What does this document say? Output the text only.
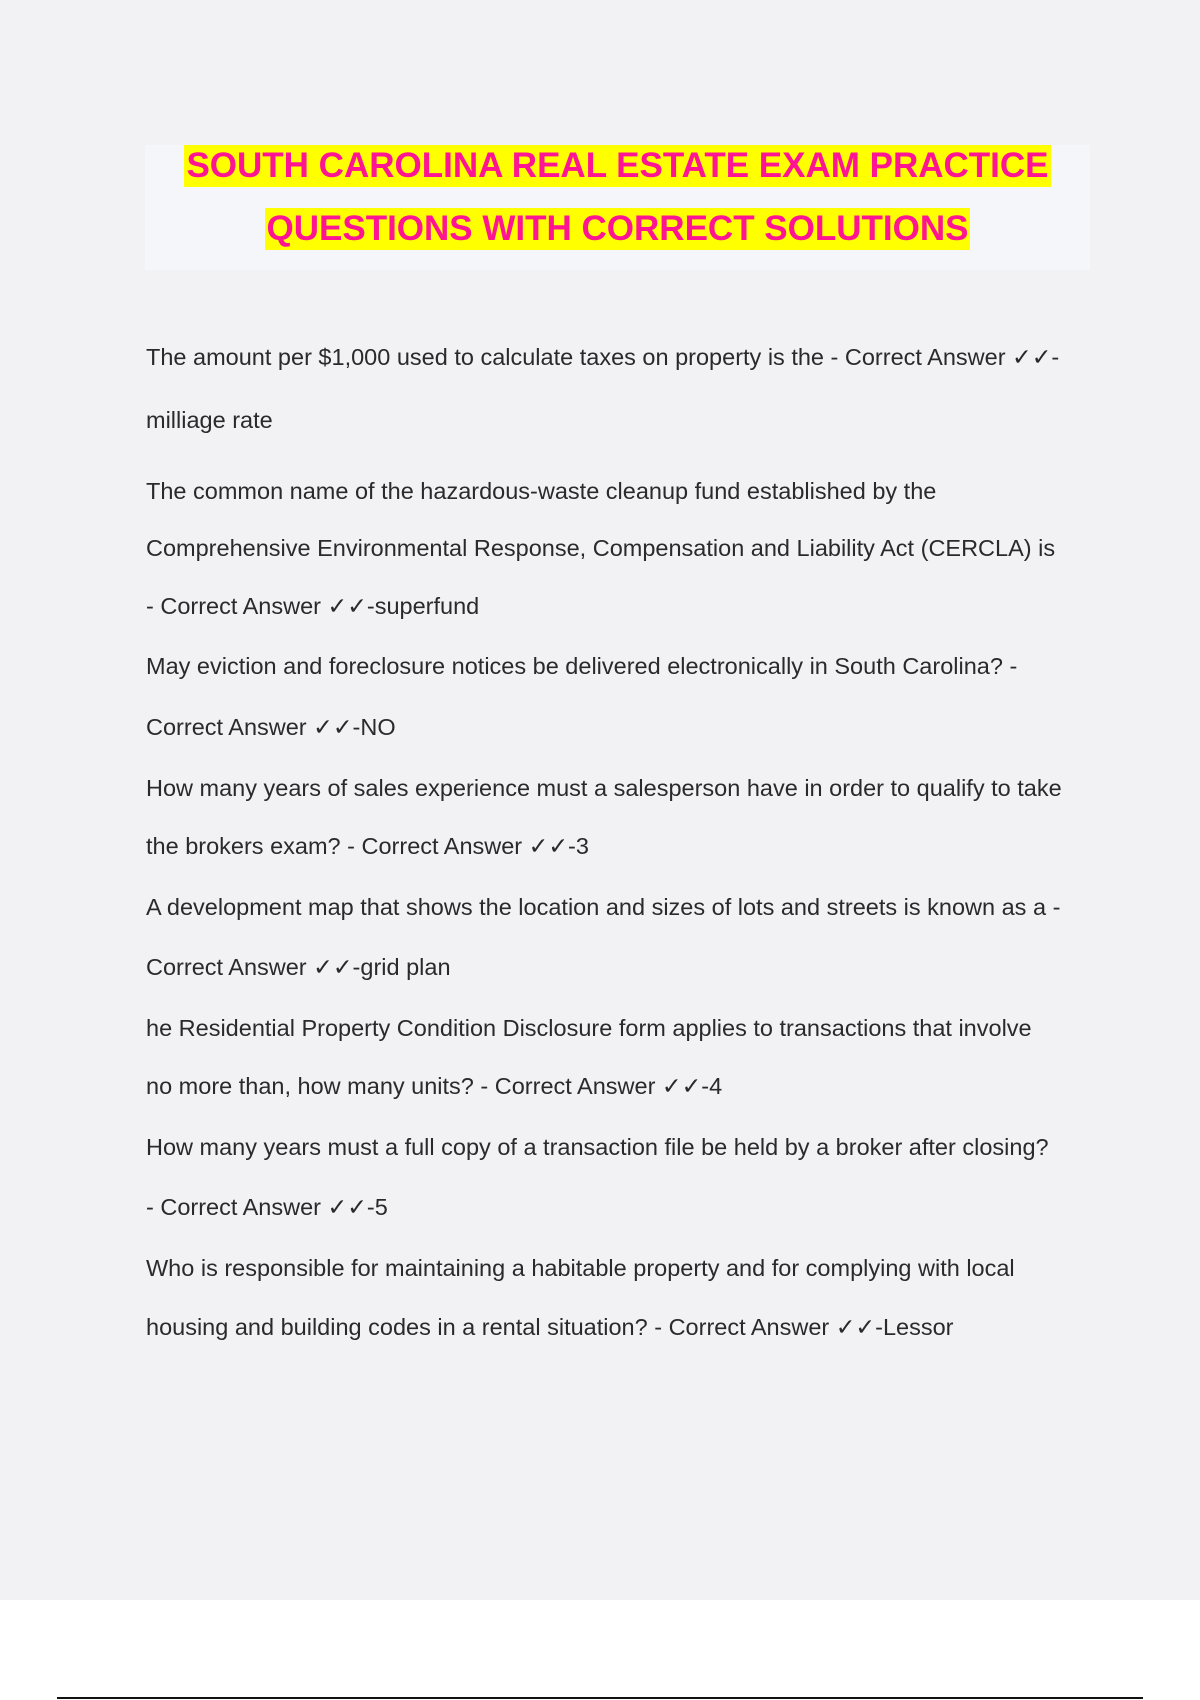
SOUTH CAROLINA REAL ESTATE EXAM PRACTICE
QUESTIONS WITH CORRECT SOLUTIONS
The amount per $1,000 used to calculate taxes on property is the - Correct Answer ✓✓-
milliage rate
The common name of the hazardous-waste cleanup fund established by the
Comprehensive Environmental Response, Compensation and Liability Act (CERCLA) is
- Correct Answer ✓✓-superfund
May eviction and foreclosure notices be delivered electronically in South Carolina? -
Correct Answer ✓✓-NO
How many years of sales experience must a salesperson have in order to qualify to take
the brokers exam? - Correct Answer ✓✓-3
A development map that shows the location and sizes of lots and streets is known as a -
Correct Answer ✓✓-grid plan
he Residential Property Condition Disclosure form applies to transactions that involve
no more than, how many units? - Correct Answer ✓✓-4
How many years must a full copy of a transaction file be held by a broker after closing?
- Correct Answer ✓✓-5
Who is responsible for maintaining a habitable property and for complying with local
housing and building codes in a rental situation? - Correct Answer ✓✓-Lessor
